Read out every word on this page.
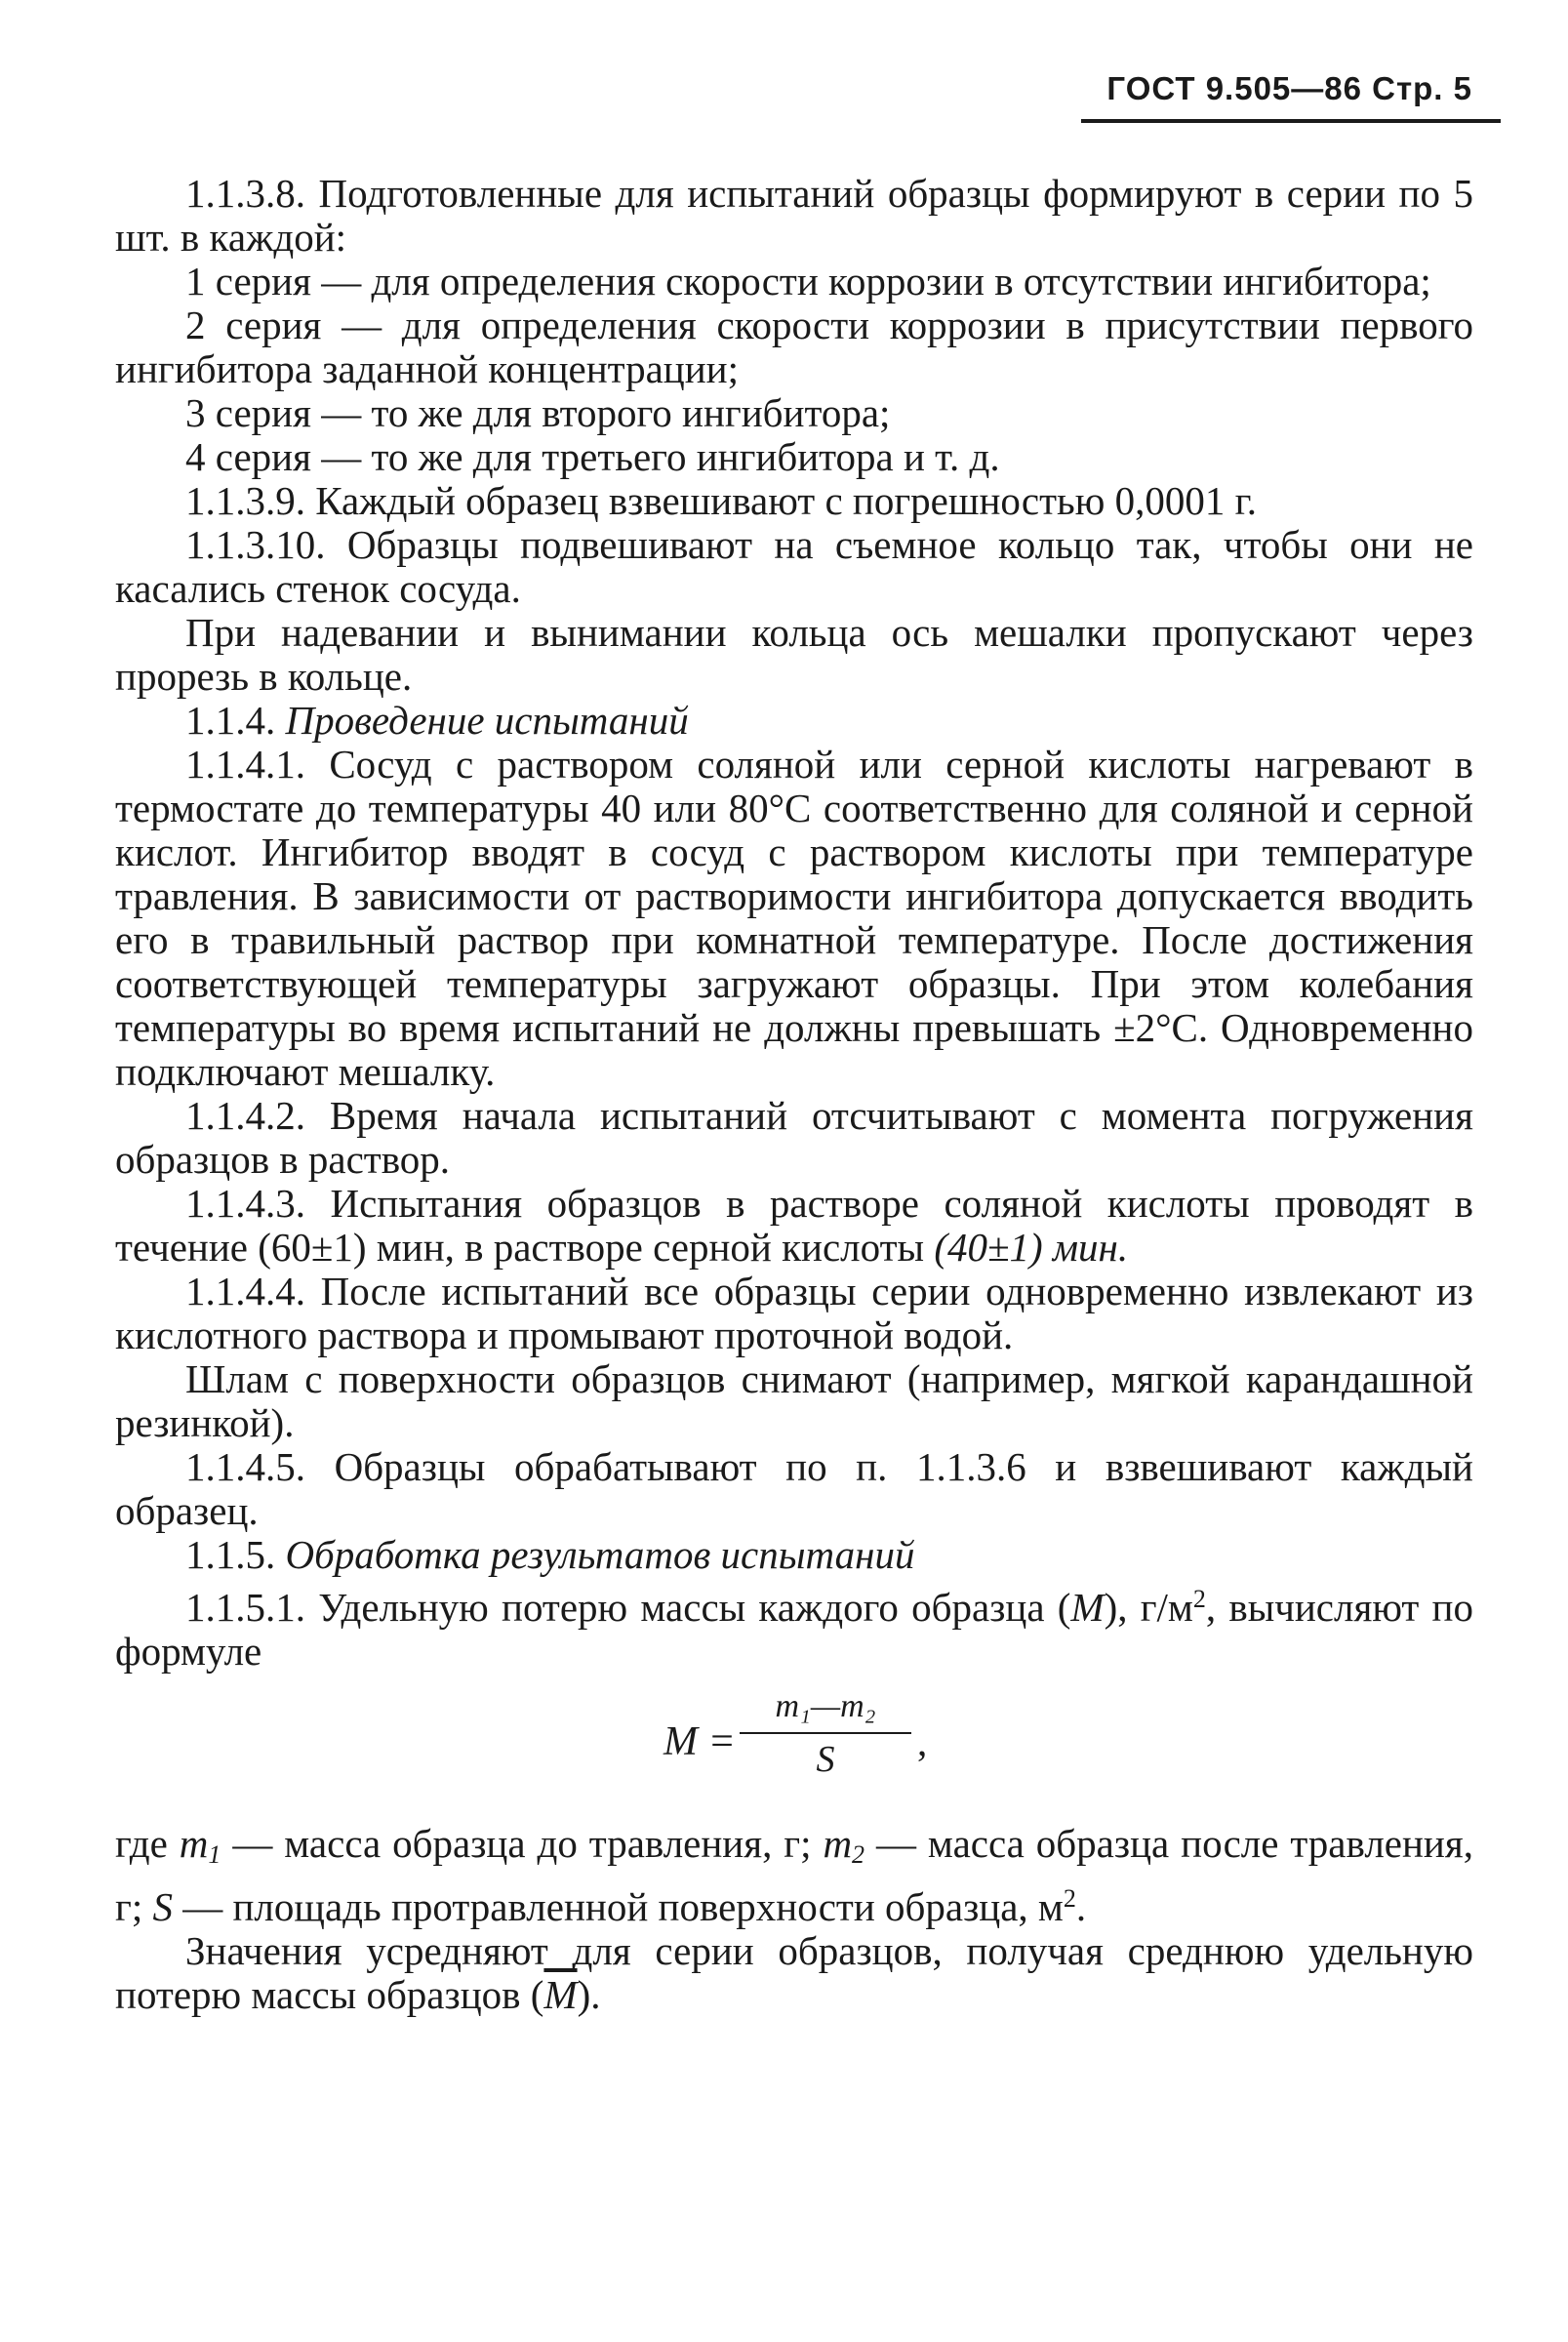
ГОСТ 9.505—86 Стр. 5

1.1.3.8. Подготовленные для испытаний образцы формируют в серии по 5 шт. в каждой:

1 серия — для определения скорости коррозии в отсутствии ингибитора;

2 серия — для определения скорости коррозии в присутствии первого ингибитора заданной концентрации;

3 серия — то же для второго ингибитора;

4 серия — то же для третьего ингибитора и т. д.

1.1.3.9. Каждый образец взвешивают с погрешностью 0,0001 г.

1.1.3.10. Образцы подвешивают на съемное кольцо так, чтобы они не касались стенок сосуда.

При надевании и вынимании кольца ось мешалки пропускают через прорезь в кольце.

1.1.4. Проведение испытаний

1.1.4.1. Сосуд с раствором соляной или серной кислоты нагревают в термостате до температуры 40 или 80°С соответственно для соляной и серной кислот. Ингибитор вводят в сосуд с раствором кислоты при температуре травления. В зависимости от растворимости ингибитора допускается вводить его в травильный раствор при комнатной температуре. После достижения соответствующей температуры загружают образцы. При этом колебания температуры во время испытаний не должны превышать ±2°С. Одновременно подключают мешалку.

1.1.4.2. Время начала испытаний отсчитывают с момента погружения образцов в раствор.

1.1.4.3. Испытания образцов в растворе соляной кислоты проводят в течение (60±1) мин, в растворе серной кислоты (40±1) мин.

1.1.4.4. После испытаний все образцы серии одновременно извлекают из кислотного раствора и промывают проточной водой.

Шлам с поверхности образцов снимают (например, мягкой карандашной резинкой).

1.1.4.5. Образцы обрабатывают по п. 1.1.3.6 и взвешивают каждый образец.

1.1.5. Обработка результатов испытаний

1.1.5.1. Удельную потерю массы каждого образца (M), $г/м^2$, вычисляют по формуле

M =
m₁—m₂
S	,

где $m_1$ — масса образца до травления, г; $m_2$ — масса образца после травления, г; S — площадь протравленной поверхности образца, $м^2$.

Значения усредняют для серии образцов, получая среднюю удельную потерю массы образцов $(\overline{M})$.
